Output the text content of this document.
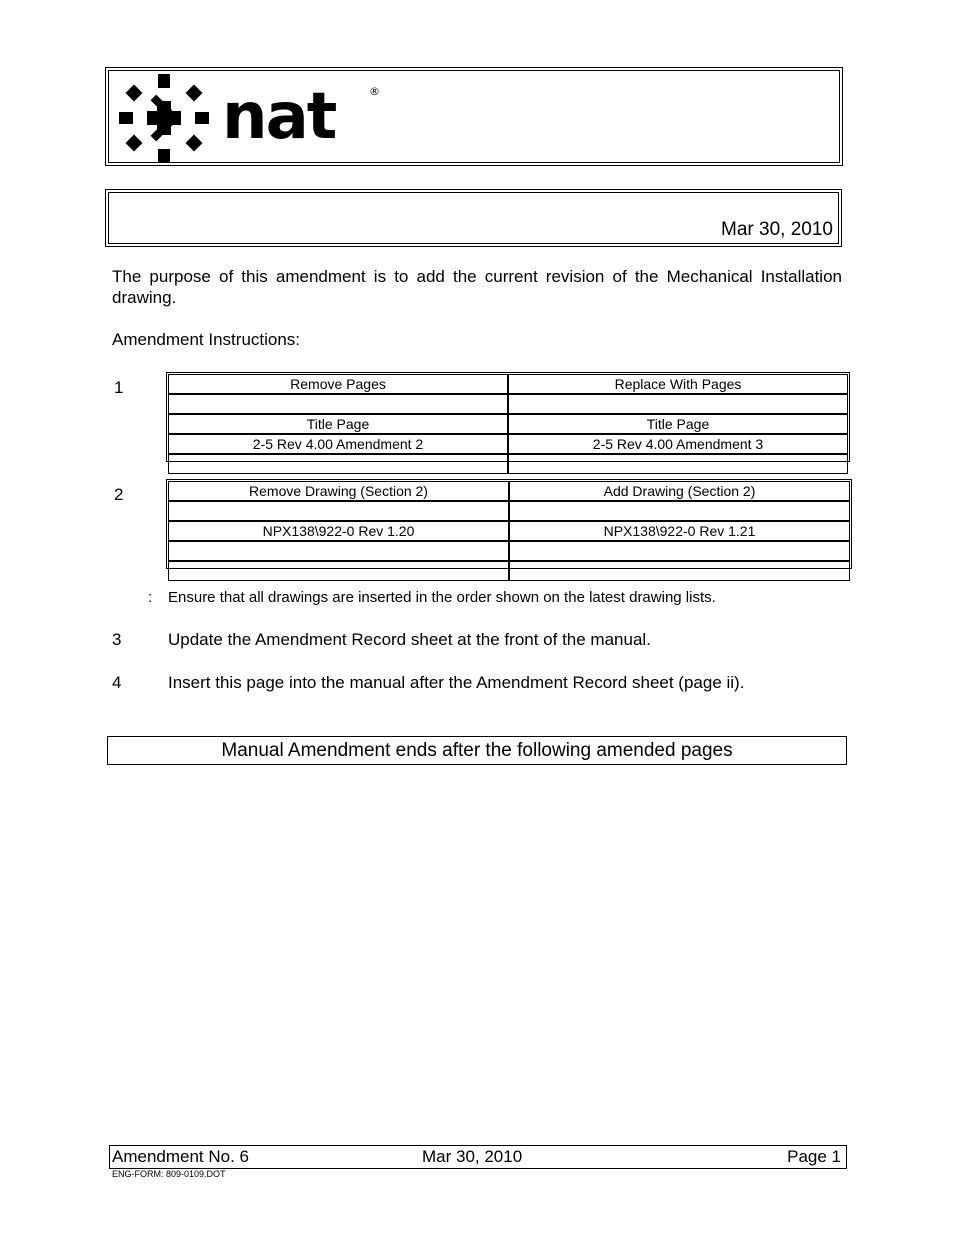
nat	®
Mar 30, 2010
The purpose of this amendment is to add the current revision of the Mechanical Installation drawing.
Amendment Instructions:
1	Remove Pages	Replace With Pages

Title Page	Title Page
2-5 Rev 4.00 Amendment 2	2-5 Rev 4.00 Amendment 3

2	Remove Drawing (Section 2)	Add Drawing (Section 2)

NPX138\922-0 Rev 1.20	NPX138\922-0 Rev 1.21

: Ensure that all drawings are inserted in the order shown on the latest drawing lists.
3	Update the Amendment Record sheet at the front of the manual.
4	Insert this page into the manual after the Amendment Record sheet (page ii).
Manual Amendment ends after the following amended pages
Amendment No. 6	Mar 30, 2010	Page 1
ENG-FORM: 809-0109.DOT
